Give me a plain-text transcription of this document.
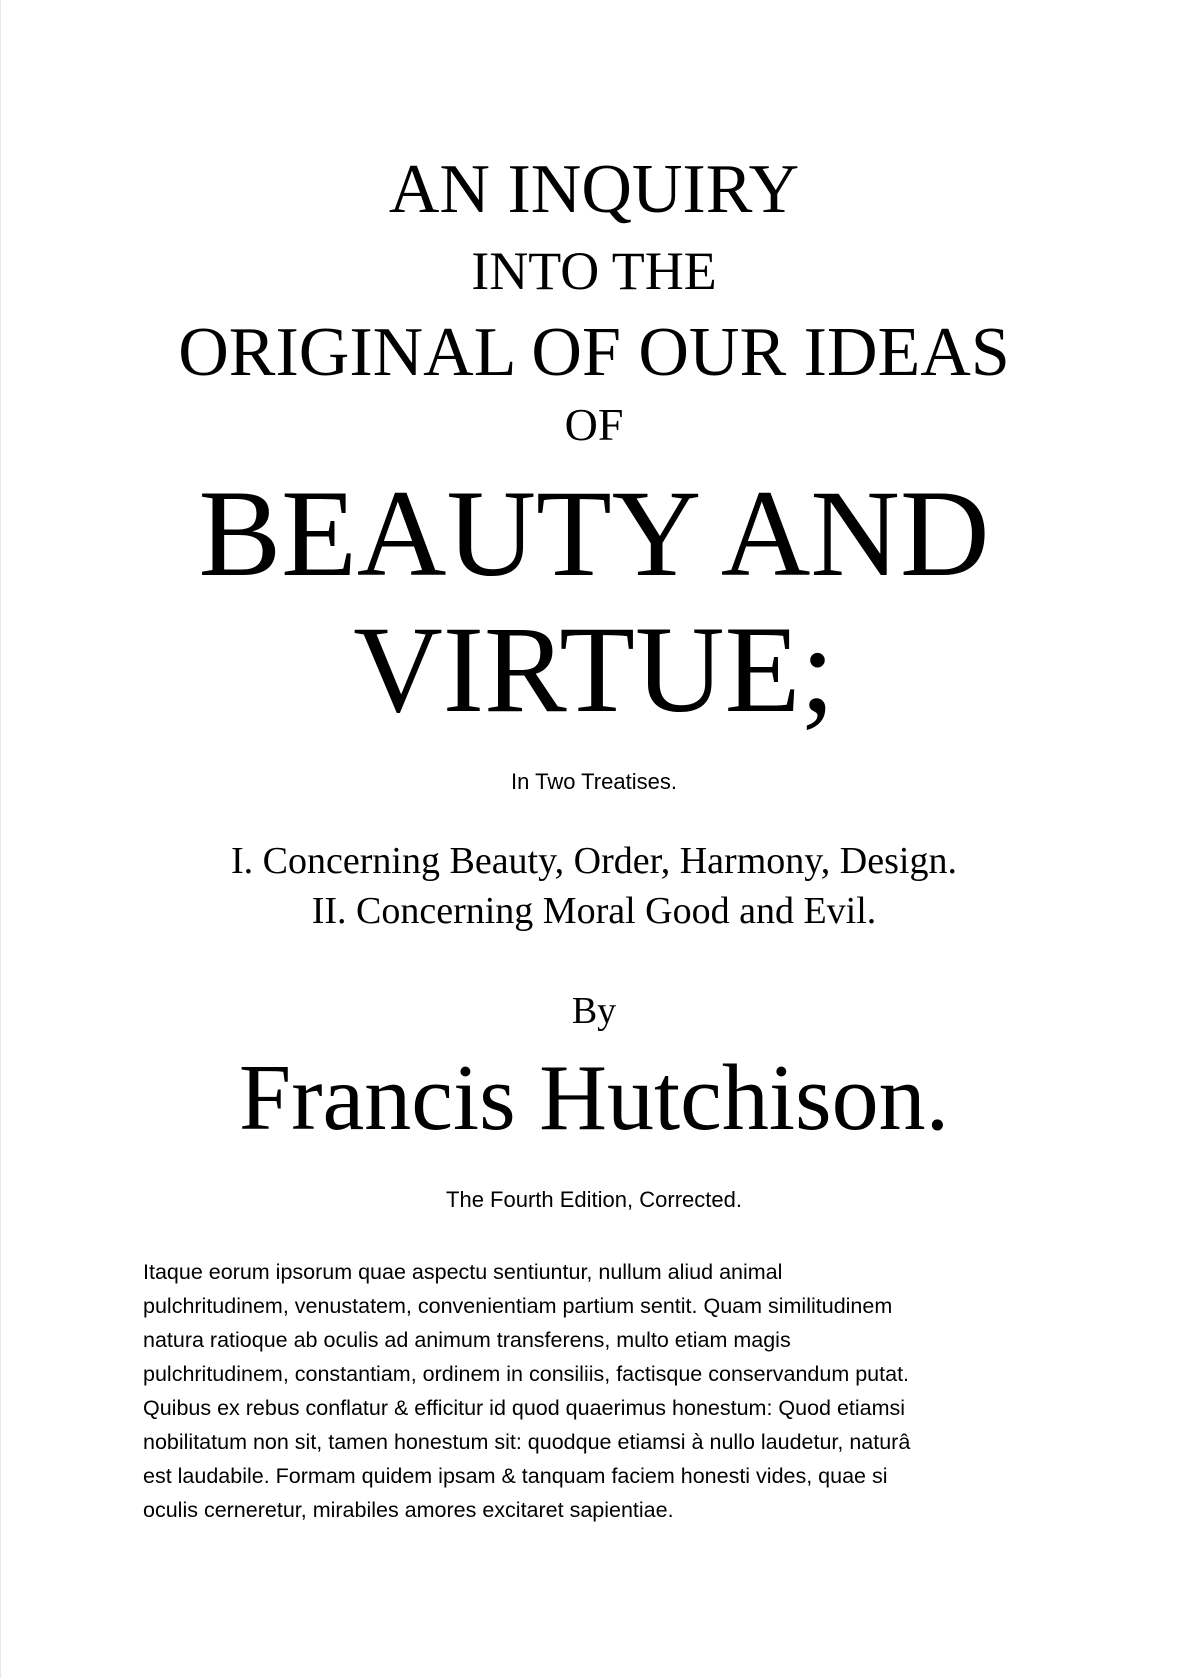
AN INQUIRY

INTO THE

ORIGINAL OF OUR IDEAS

OF

BEAUTY AND

VIRTUE;

In Two Treatises.

I. Concerning Beauty, Order, Harmony, Design.

II. Concerning Moral Good and Evil.

By

Francis Hutchison.

The Fourth Edition, Corrected.

Itaque eorum ipsorum quae aspectu sentiuntur, nullum aliud animal
pulchritudinem, venustatem, convenientiam partium sentit. Quam similitudinem
natura ratioque ab oculis ad animum transferens, multo etiam magis
pulchritudinem, constantiam, ordinem in consiliis, factisque conservandum putat.
Quibus ex rebus conflatur & efficitur id quod quaerimus honestum: Quod etiamsi
nobilitatum non sit, tamen honestum sit: quodque etiamsi à nullo laudetur, naturâ
est laudabile. Formam quidem ipsam & tanquam faciem honesti vides, quae si
oculis cerneretur, mirabiles amores excitaret sapientiae.
